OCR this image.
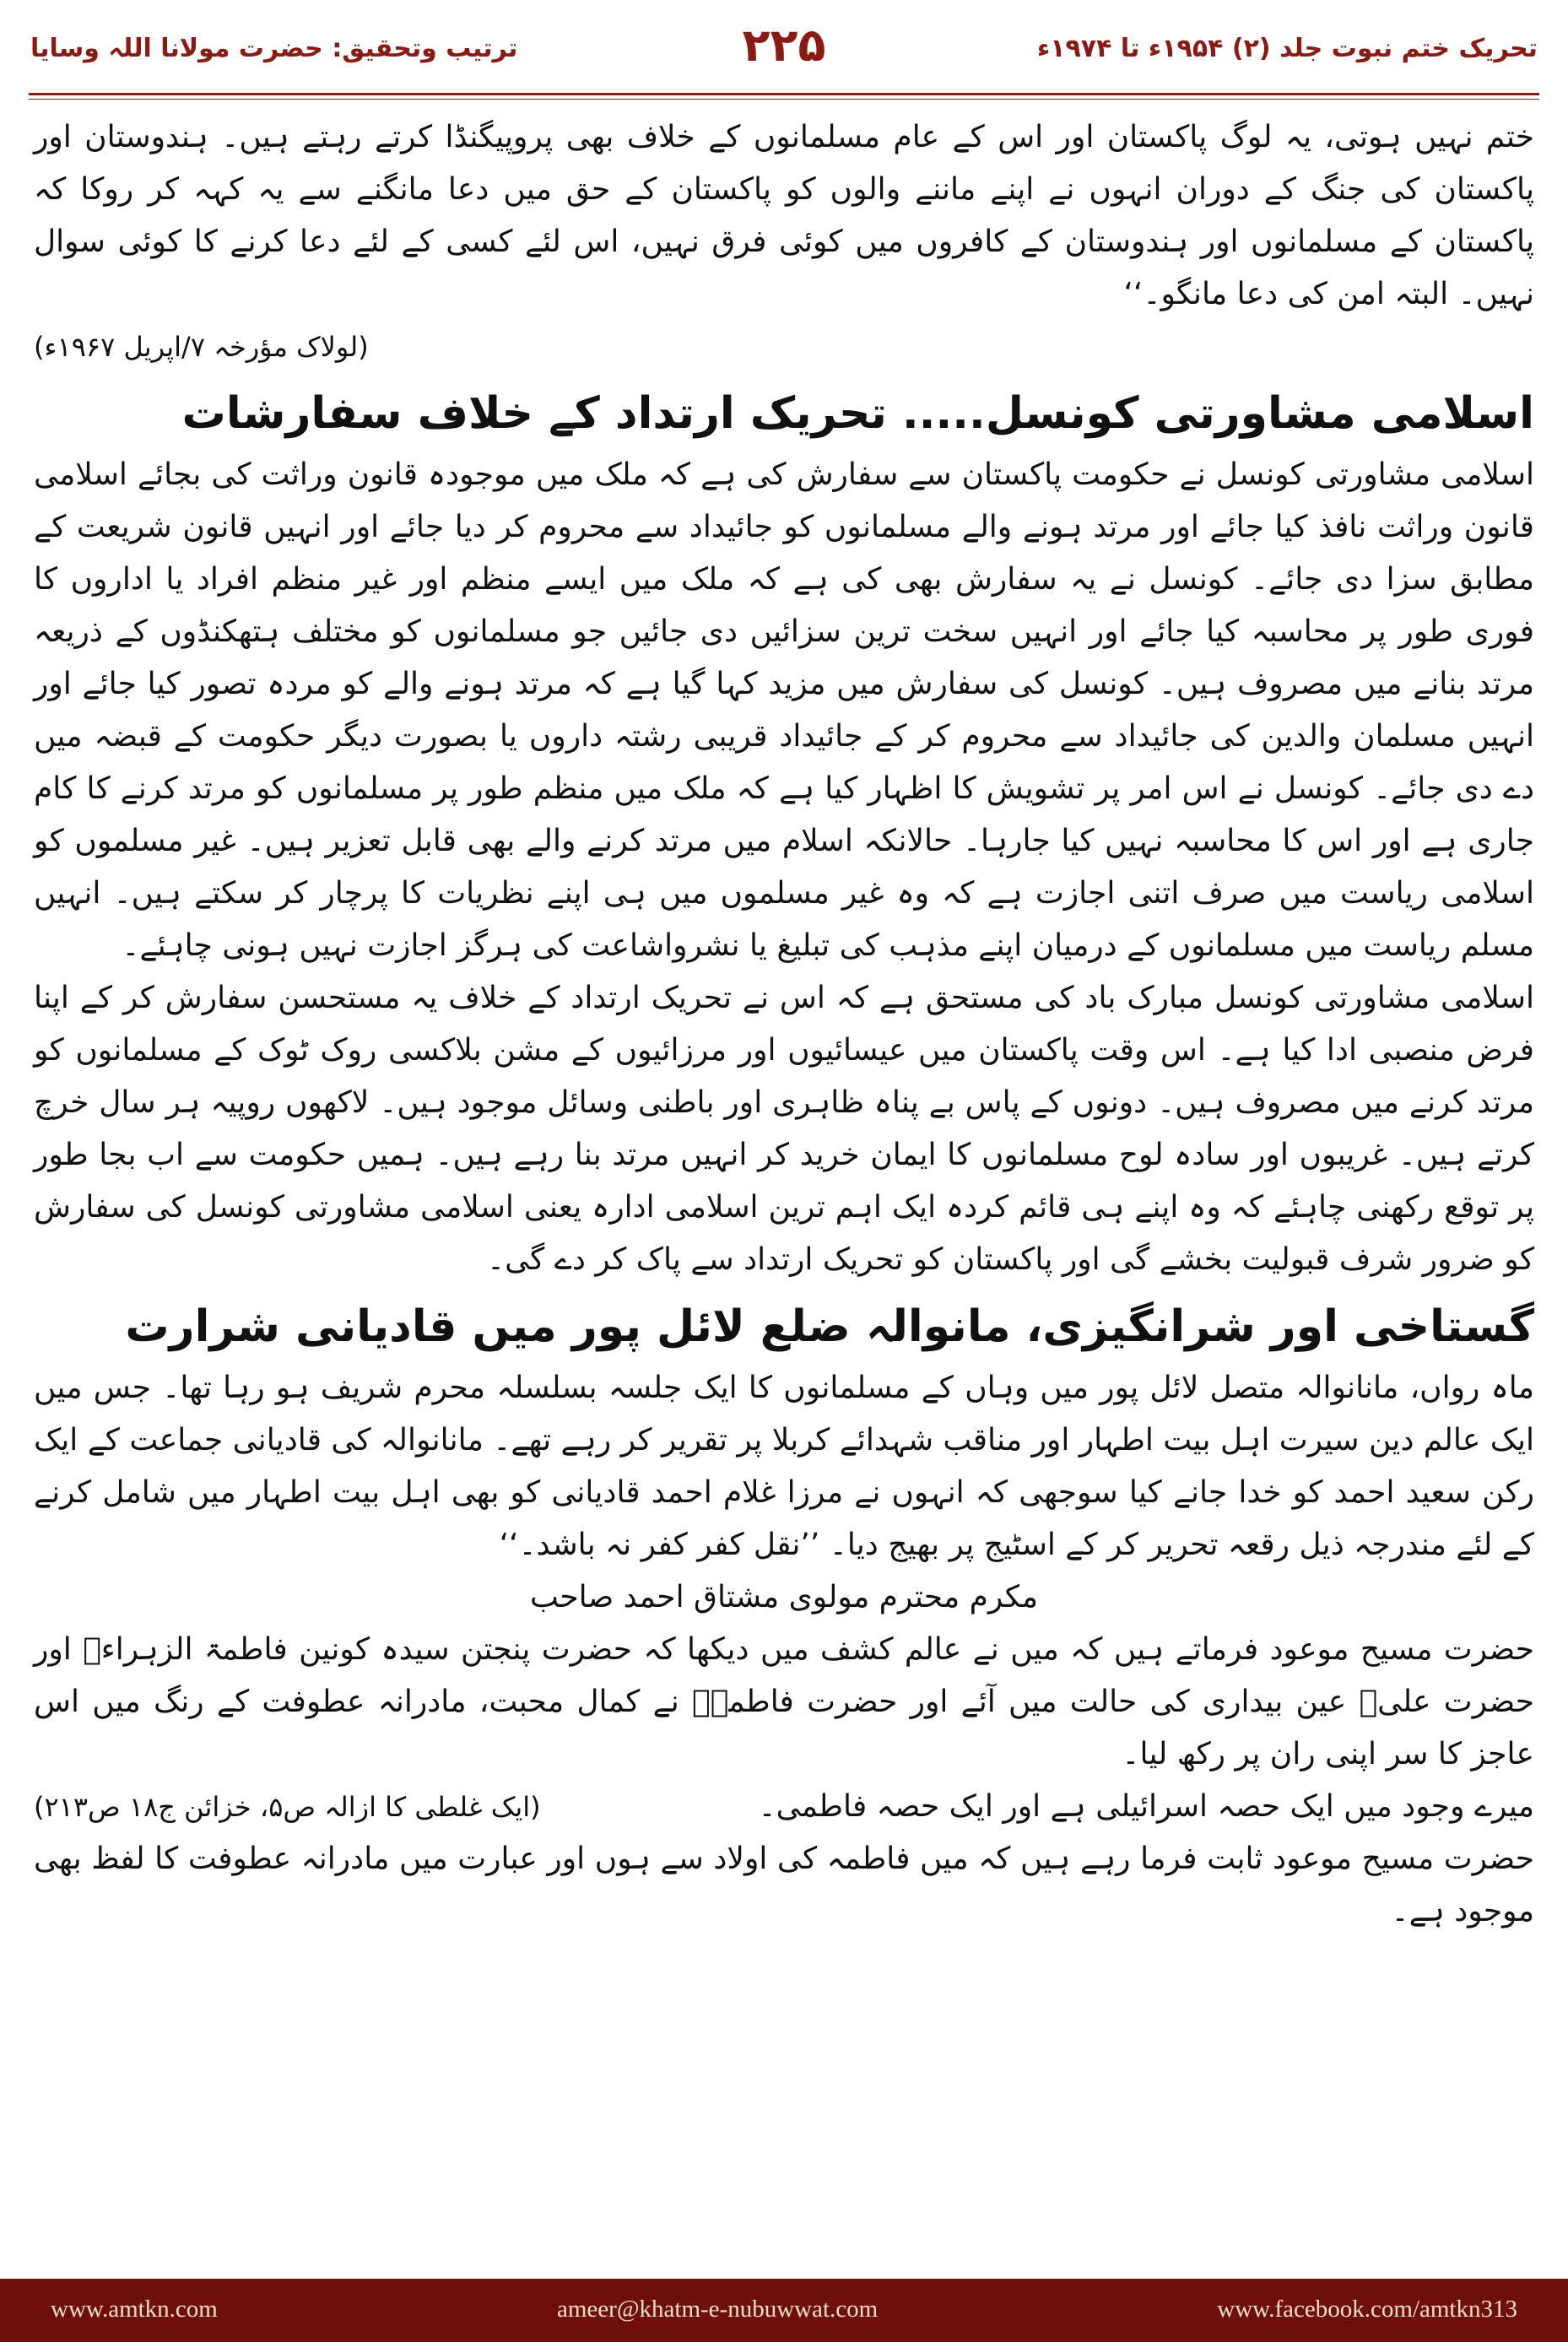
ترتیب وتحقیق: حضرت مولانا اللہ وسایا	۲۲۵	تحریک ختم نبوت جلد (۲) ۱۹۵۴ء تا ۱۹۷۴ء

ختم نہیں ہوتی، یہ لوگ پاکستان اور اس کے عام مسلمانوں کے خلاف بھی پروپیگنڈا کرتے رہتے ہیں۔ ہندوستان اور پاکستان کی جنگ کے دوران انہوں نے اپنے ماننے والوں کو پاکستان کے حق میں دعا مانگنے سے یہ کہہ کر روکا کہ پاکستان کے مسلمانوں اور ہندوستان کے کافروں میں کوئی فرق نہیں، اس لئے کسی کے لئے دعا کرنے کا کوئی سوال نہیں۔ البتہ امن کی دعا مانگو۔‘‘

(لولاک مؤرخہ ۷/اپریل ۱۹۶۷ء)
اسلامی مشاورتی کونسل..... تحریک ارتداد کے خلاف سفارشات

اسلامی مشاورتی کونسل نے حکومت پاکستان سے سفارش کی ہے کہ ملک میں موجودہ قانون وراثت کی بجائے اسلامی قانون وراثت نافذ کیا جائے اور مرتد ہونے والے مسلمانوں کو جائیداد سے محروم کر دیا جائے اور انہیں قانون شریعت کے مطابق سزا دی جائے۔ کونسل نے یہ سفارش بھی کی ہے کہ ملک میں ایسے منظم اور غیر منظم افراد یا اداروں کا فوری طور پر محاسبہ کیا جائے اور انہیں سخت ترین سزائیں دی جائیں جو مسلمانوں کو مختلف ہتھکنڈوں کے ذریعہ مرتد بنانے میں مصروف ہیں۔ کونسل کی سفارش میں مزید کہا گیا ہے کہ مرتد ہونے والے کو مردہ تصور کیا جائے اور انہیں مسلمان والدین کی جائیداد سے محروم کر کے جائیداد قریبی رشتہ داروں یا بصورت دیگر حکومت کے قبضہ میں دے دی جائے۔ کونسل نے اس امر پر تشویش کا اظہار کیا ہے کہ ملک میں منظم طور پر مسلمانوں کو مرتد کرنے کا کام جاری ہے اور اس کا محاسبہ نہیں کیا جارہا۔ حالانکہ اسلام میں مرتد کرنے والے بھی قابل تعزیر ہیں۔ غیر مسلموں کو اسلامی ریاست میں صرف اتنی اجازت ہے کہ وہ غیر مسلموں میں ہی اپنے نظریات کا پرچار کر سکتے ہیں۔ انہیں مسلم ریاست میں مسلمانوں کے درمیان اپنے مذہب کی تبلیغ یا نشرواشاعت کی ہرگز اجازت نہیں ہونی چاہئے۔

اسلامی مشاورتی کونسل مبارک باد کی مستحق ہے کہ اس نے تحریک ارتداد کے خلاف یہ مستحسن سفارش کر کے اپنا فرض منصبی ادا کیا ہے۔ اس وقت پاکستان میں عیسائیوں اور مرزائیوں کے مشن بلاکسی روک ٹوک کے مسلمانوں کو مرتد کرنے میں مصروف ہیں۔ دونوں کے پاس بے پناہ ظاہری اور باطنی وسائل موجود ہیں۔ لاکھوں روپیہ ہر سال خرچ کرتے ہیں۔ غریبوں اور سادہ لوح مسلمانوں کا ایمان خرید کر انہیں مرتد بنا رہے ہیں۔ ہمیں حکومت سے اب بجا طور پر توقع رکھنی چاہئے کہ وہ اپنے ہی قائم کردہ ایک اہم ترین اسلامی ادارہ یعنی اسلامی مشاورتی کونسل کی سفارش کو ضرور شرف قبولیت بخشے گی اور پاکستان کو تحریک ارتداد سے پاک کر دے گی۔

گستاخی اور شرانگیزی، مانوالہ ضلع لائل پور میں قادیانی شرارت

ماہ رواں، مانانوالہ متصل لائل پور میں وہاں کے مسلمانوں کا ایک جلسہ بسلسلہ محرم شریف ہو رہا تھا۔ جس میں ایک عالم دین سیرت اہل بیت اطہار اور مناقب شہدائے کربلا پر تقریر کر رہے تھے۔ مانانوالہ کی قادیانی جماعت کے ایک رکن سعید احمد کو خدا جانے کیا سوجھی کہ انہوں نے مرزا غلام احمد قادیانی کو بھی اہل بیت اطہار میں شامل کرنے کے لئے مندرجہ ذیل رقعہ تحریر کر کے اسٹیج پر بھیج دیا۔ ’’نقل کفر کفر نہ باشد۔‘‘

مکرم محترم مولوی مشتاق احمد صاحب

حضرت مسیح موعود فرماتے ہیں کہ میں نے عالم کشف میں دیکھا کہ حضرت پنجتن سیدہ کونین فاطمۃ الزہراءؓ اور حضرت علیؓ عین بیداری کی حالت میں آئے اور حضرت فاطمہؓ نے کمال محبت، مادرانہ عطوفت کے رنگ میں اس عاجز کا سر اپنی ران پر رکھ لیا۔

میرے وجود میں ایک حصہ اسرائیلی ہے اور ایک حصہ فاطمی۔
(ایک غلطی کا ازالہ ص۵، خزائن ج۱۸ ص۲۱۳)

حضرت مسیح موعود ثابت فرما رہے ہیں کہ میں فاطمہ کی اولاد سے ہوں اور عبارت میں مادرانہ عطوفت کا لفظ بھی موجود ہے۔

www.amtkn.com	ameer@khatm-e-nubuwwat.com	www.facebook.com/amtkn313
